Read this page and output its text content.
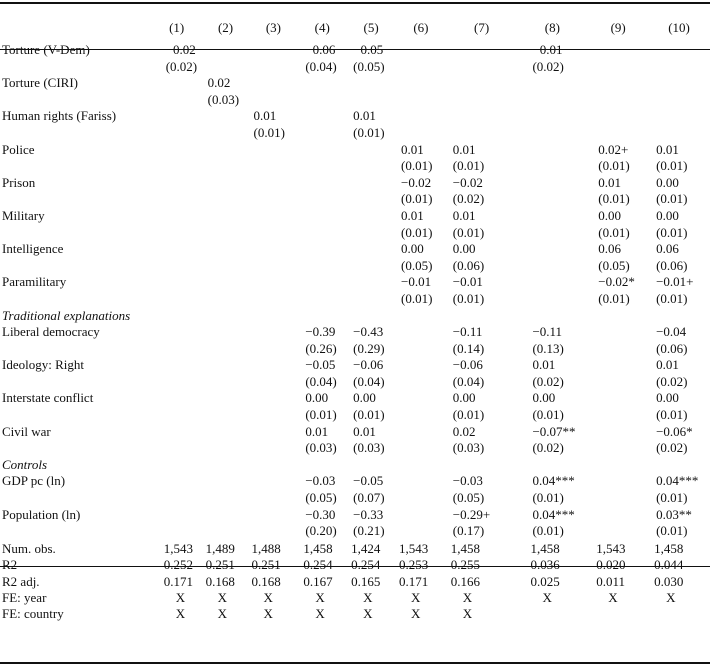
	(1)	(2)	(3)	(4)	(5)	(6)	(7)	(8)	(9)	(10)
Torture (V-Dem)	−0.02			−0.06	−0.05			−0.01		
	(0.02)			(0.04)	(0.05)			(0.02)		
Torture (CIRI)		0.02								
		(0.03)								
Human rights (Fariss)			0.01		0.01					
			(0.01)		(0.01)					
Police						0.01	0.01		0.02+	0.01
						(0.01)	(0.01)		(0.01)	(0.01)
Prison						−0.02	−0.02		0.01	0.00
						(0.01)	(0.02)		(0.01)	(0.01)
Military						0.01	0.01		0.00	0.00
						(0.01)	(0.01)		(0.01)	(0.01)
Intelligence						0.00	0.00		0.06	0.06
						(0.05)	(0.06)		(0.05)	(0.06)
Paramilitary						−0.01	−0.01		−0.02*	−0.01+
						(0.01)	(0.01)		(0.01)	(0.01)
Traditional explanations										
Liberal democracy				−0.39	−0.43		−0.11	−0.11		−0.04
				(0.26)	(0.29)		(0.14)	(0.13)		(0.06)
Ideology: Right				−0.05	−0.06		−0.06	0.01		0.01
				(0.04)	(0.04)		(0.04)	(0.02)		(0.02)
Interstate conflict				0.00	0.00		0.00	0.00		0.00
				(0.01)	(0.01)		(0.01)	(0.01)		(0.01)
Civil war				0.01	0.01		0.02	−0.07**		−0.06*
				(0.03)	(0.03)		(0.03)	(0.02)		(0.02)
Controls										
GDP pc (ln)				−0.03	−0.05		−0.03	0.04***		0.04***
				(0.05)	(0.07)		(0.05)	(0.01)		(0.01)
Population (ln)				−0.30	−0.33		−0.29+	0.04***		0.03**
				(0.20)	(0.21)		(0.17)	(0.01)		(0.01)

Num. obs.	1,543	1,489	1,488	1,458	1,424	1,543	1,458	1,458	1,543	1,458
R2	0.252	0.251	0.251	0.254	0.254	0.253	0.255	0.036	0.020	0.044
R2 adj.	0.171	0.168	0.168	0.167	0.165	0.171	0.166	0.025	0.011	0.030
FE: year	X	X	X	X	X	X	X	X	X	X
FE: country	X	X	X	X	X	X	X			
